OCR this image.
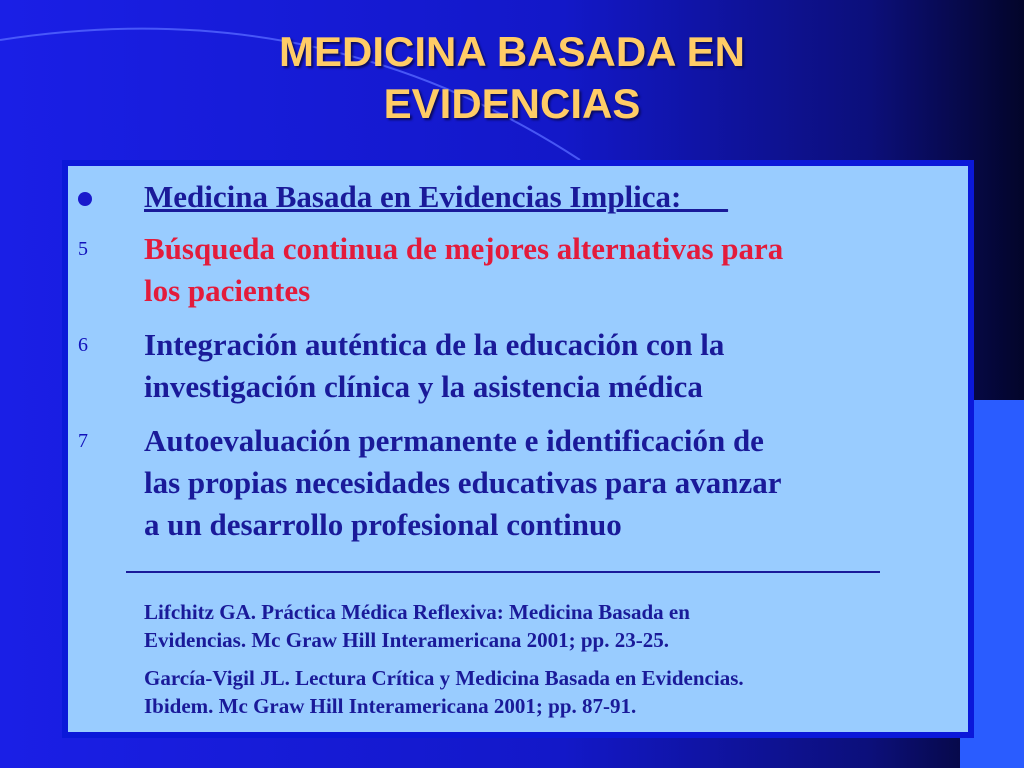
MEDICINA BASADA EN
EVIDENCIAS
Medicina Basada en Evidencias Implica:___
5 Búsqueda continua de mejores alternativas para
los pacientes
6 Integración auténtica de la educación con la
investigación clínica y la asistencia médica
7 Autoevaluación permanente e identificación de
las propias necesidades educativas para avanzar
a un desarrollo profesional continuo
Lifchitz GA. Práctica Médica Reflexiva: Medicina Basada en
Evidencias. Mc Graw Hill Interamericana 2001; pp. 23-25.
García-Vigil JL. Lectura Crítica y Medicina Basada en Evidencias.
Ibidem. Mc Graw Hill Interamericana 2001; pp. 87-91.
